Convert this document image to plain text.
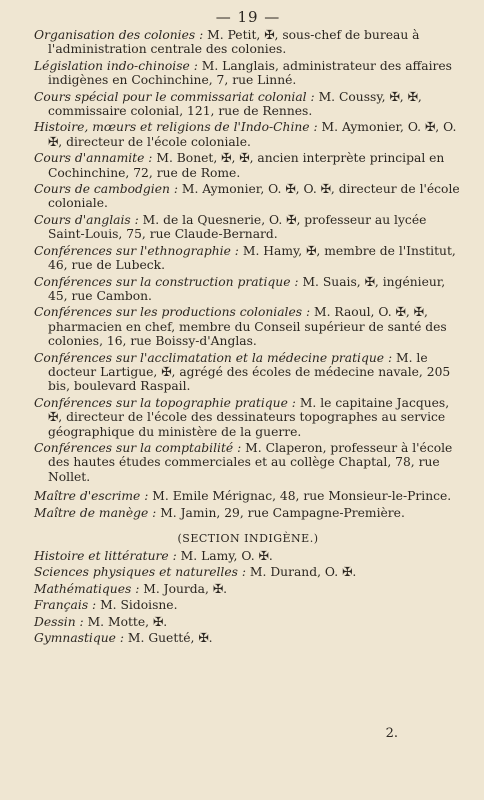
— 19 —

Organisation des colonies : M. Petit, ✠, sous-chef de bureau à l'administration centrale des colonies.

Législation indo-chinoise : M. Langlais, administrateur des affaires indigènes en Cochinchine, 7, rue Linné.

Cours spécial pour le commissariat colonial : M. Coussy, ✠, ✠, commissaire colonial, 121, rue de Rennes.

Histoire, mœurs et religions de l'Indo-Chine : M. Aymonier, O. ✠, O. ✠, directeur de l'école coloniale.

Cours d'annamite : M. Bonet, ✠, ✠, ancien interprète principal en Cochinchine, 72, rue de Rome.

Cours de cambodgien : M. Aymonier, O. ✠, O. ✠, directeur de l'école coloniale.

Cours d'anglais : M. de la Quesnerie, O. ✠, professeur au lycée Saint-Louis, 75, rue Claude-Bernard.

Conférences sur l'ethnographie : M. Hamy, ✠, membre de l'Institut, 46, rue de Lubeck.

Conférences sur la construction pratique : M. Suais, ✠, ingénieur, 45, rue Cambon.

Conférences sur les productions coloniales : M. Raoul, O. ✠, ✠, pharmacien en chef, membre du Conseil supérieur de santé des colonies, 16, rue Boissy-d'Anglas.

Conférences sur l'acclimatation et la médecine pratique : M. le docteur Lartigue, ✠, agrégé des écoles de médecine navale, 205 bis, boulevard Raspail.

Conférences sur la topographie pratique : M. le capitaine Jacques, ✠, directeur de l'école des dessinateurs topographes au service géographique du ministère de la guerre.

Conférences sur la comptabilité : M. Claperon, professeur à l'école des hautes études commerciales et au collège Chaptal, 78, rue Nollet.

Maître d'escrime : M. Emile Mérignac, 48, rue Monsieur-le-Prince.

Maître de manège : M. Jamin, 29, rue Campagne-Première.

(SECTION INDIGÈNE.)

Histoire et littérature : M. Lamy, O. ✠.

Sciences physiques et naturelles : M. Durand, O. ✠.

Mathématiques : M. Jourda, ✠.

Français : M. Sidoisne.

Dessin : M. Motte, ✠.

Gymnastique : M. Guetté, ✠.

2.
